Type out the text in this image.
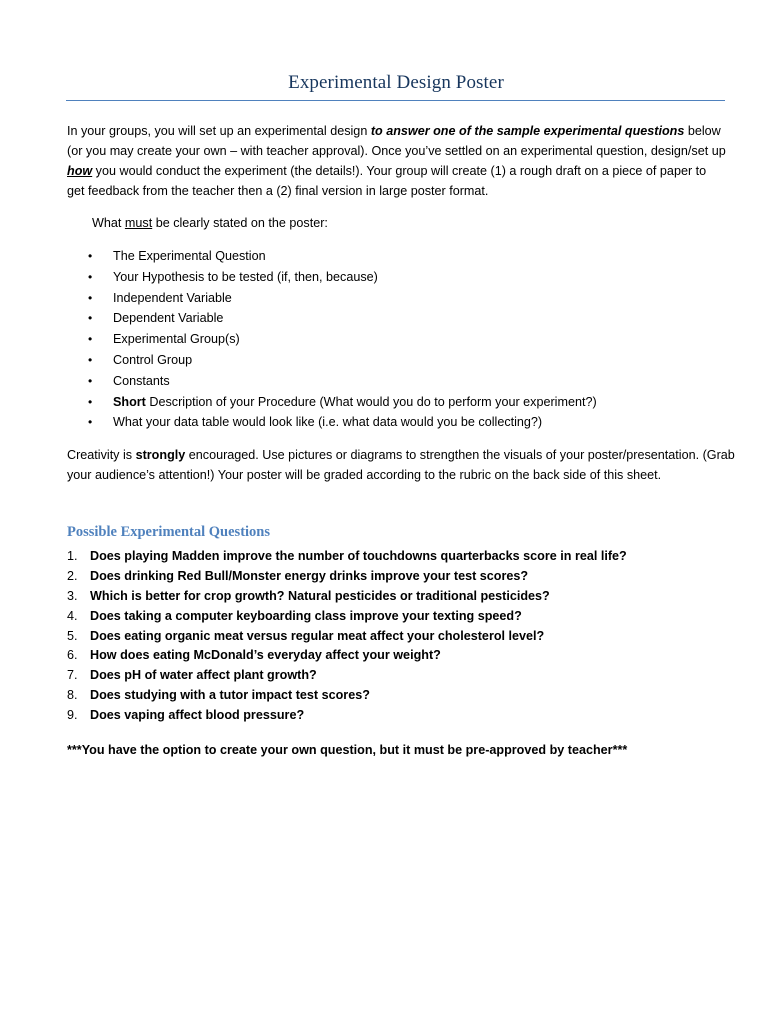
Experimental Design Poster

In your groups, you will set up an experimental design to answer one of the sample experimental questions below (or you may create your own – with teacher approval). Once you’ve settled on an experimental question, design/set up how you would conduct the experiment (the details!). Your group will create (1) a rough draft on a piece of paper to get feedback from the teacher then a (2) final version in large poster format.

What must be clearly stated on the poster:

• The Experimental Question
• Your Hypothesis to be tested (if, then, because)
• Independent Variable
• Dependent Variable
• Experimental Group(s)
• Control Group
• Constants
• Short Description of your Procedure (What would you do to perform your experiment?)
• What your data table would look like (i.e. what data would you be collecting?)

Creativity is strongly encouraged. Use pictures or diagrams to strengthen the visuals of your poster/presentation. (Grab your audience’s attention!) Your poster will be graded according to the rubric on the back side of this sheet.

Possible Experimental Questions
1. Does playing Madden improve the number of touchdowns quarterbacks score in real life?
2. Does drinking Red Bull/Monster energy drinks improve your test scores?
3. Which is better for crop growth? Natural pesticides or traditional pesticides?
4. Does taking a computer keyboarding class improve your texting speed?
5. Does eating organic meat versus regular meat affect your cholesterol level?
6. How does eating McDonald’s everyday affect your weight?
7. Does pH of water affect plant growth?
8. Does studying with a tutor impact test scores?
9. Does vaping affect blood pressure?

***You have the option to create your own question, but it must be pre-approved by teacher***
